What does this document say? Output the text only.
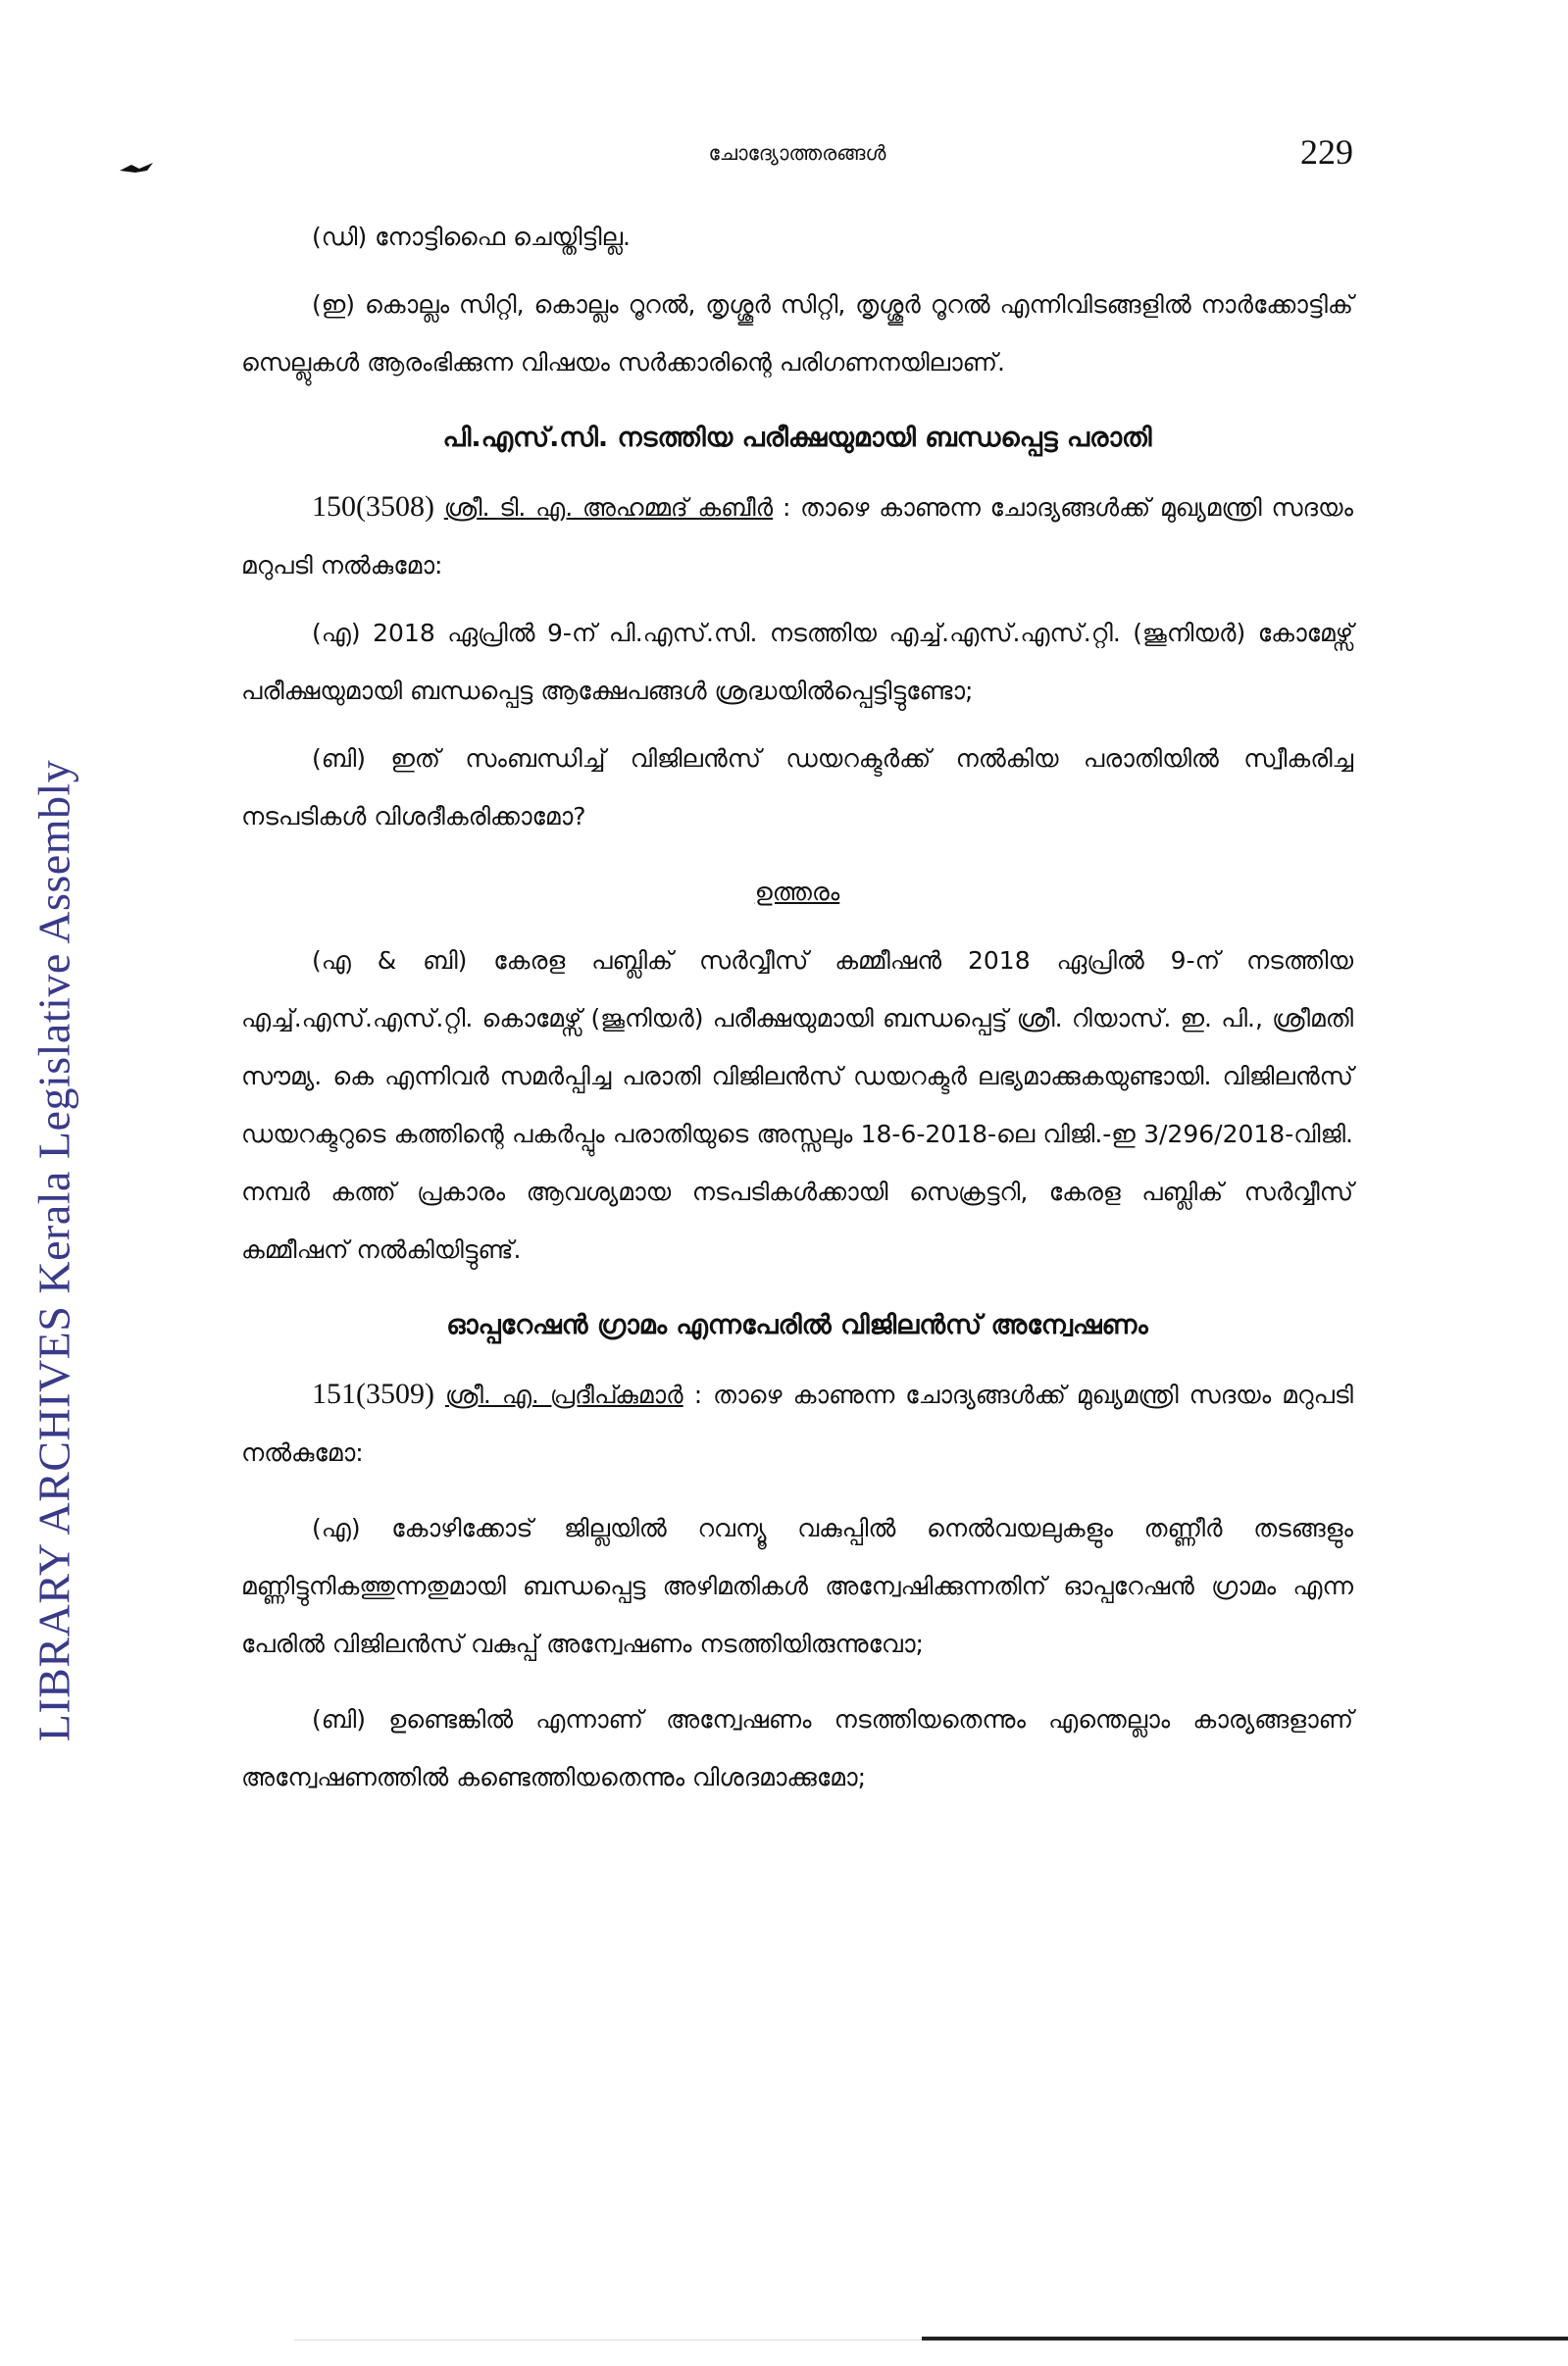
LIBRARY ARCHIVES Kerala Legislative Assembly
ചോദ്യോത്തരങ്ങൾ	229

(ഡി) നോട്ടിഫൈ ചെയ്തിട്ടില്ല.

(ഇ) കൊല്ലം സിറ്റി, കൊല്ലം റൂറൽ, തൃശ്ശൂർ സിറ്റി, തൃശ്ശൂർ റൂറൽ എന്നിവിടങ്ങളിൽ നാർക്കോട്ടിക് സെല്ലുകൾ ആരംഭിക്കുന്ന വിഷയം സർക്കാരിന്റെ പരിഗണനയിലാണ്.

പി.എസ്.സി. നടത്തിയ പരീക്ഷയുമായി ബന്ധപ്പെട്ട പരാതി

150(3508) ശ്രീ. ടി. എ. അഹമ്മദ് കബീർ : താഴെ കാണുന്ന ചോദ്യങ്ങൾക്ക് മുഖ്യമന്ത്രി സദയം മറുപടി നൽകുമോ:

(എ) 2018 ഏപ്രിൽ 9-ന് പി.എസ്.സി. നടത്തിയ എച്ച്.എസ്.എസ്.റ്റി. (ജൂനിയർ) കോമേഴ്സ് പരീക്ഷയുമായി ബന്ധപ്പെട്ട ആക്ഷേപങ്ങൾ ശ്രദ്ധയിൽപ്പെട്ടിട്ടുണ്ടോ;

(ബി) ഇത് സംബന്ധിച്ച് വിജിലൻസ് ഡയറക്ടർക്ക് നൽകിയ പരാതിയിൽ സ്വീകരിച്ച നടപടികൾ വിശദീകരിക്കാമോ?

ഉത്തരം

(എ & ബി) കേരള പബ്ലിക് സർവ്വീസ് കമ്മീഷൻ 2018 ഏപ്രിൽ 9-ന് നടത്തിയ എച്ച്.എസ്.എസ്.റ്റി. കൊമേഴ്സ് (ജൂനിയർ) പരീക്ഷയുമായി ബന്ധപ്പെട്ട് ശ്രീ. റിയാസ്. ഇ. പി., ശ്രീമതി സൗമ്യ. കെ എന്നിവർ സമർപ്പിച്ച പരാതി വിജിലൻസ് ഡയറക്ടർ ലഭ്യമാക്കുകയുണ്ടായി. വിജിലൻസ് ഡയറക്ടറുടെ കത്തിന്റെ പകർപ്പും പരാതിയുടെ അസ്സലും 18-6-2018-ലെ വിജി.-ഇ 3/296/2018-വിജി. നമ്പർ കത്ത് പ്രകാരം ആവശ്യമായ നടപടികൾക്കായി സെക്രട്ടറി, കേരള പബ്ലിക് സർവ്വീസ് കമ്മീഷന് നൽകിയിട്ടുണ്ട്.

ഓപ്പറേഷൻ ഗ്രാമം എന്നപേരിൽ വിജിലൻസ് അന്വേഷണം

151(3509) ശ്രീ. എ. പ്രദീപ്കുമാർ : താഴെ കാണുന്ന ചോദ്യങ്ങൾക്ക് മുഖ്യമന്ത്രി സദയം മറുപടി നൽകുമോ:

(എ) കോഴിക്കോട് ജില്ലയിൽ റവന്യൂ വകുപ്പിൽ നെൽവയലുകളും തണ്ണീർ തടങ്ങളും മണ്ണിട്ടുനികത്തുന്നതുമായി ബന്ധപ്പെട്ട അഴിമതികൾ അന്വേഷിക്കുന്നതിന് ഓപ്പറേഷൻ ഗ്രാമം എന്ന പേരിൽ വിജിലൻസ് വകുപ്പ് അന്വേഷണം നടത്തിയിരുന്നുവോ;

(ബി) ഉണ്ടെങ്കിൽ എന്നാണ് അന്വേഷണം നടത്തിയതെന്നും എന്തെല്ലാം കാര്യങ്ങളാണ് അന്വേഷണത്തിൽ കണ്ടെത്തിയതെന്നും വിശദമാക്കുമോ;
